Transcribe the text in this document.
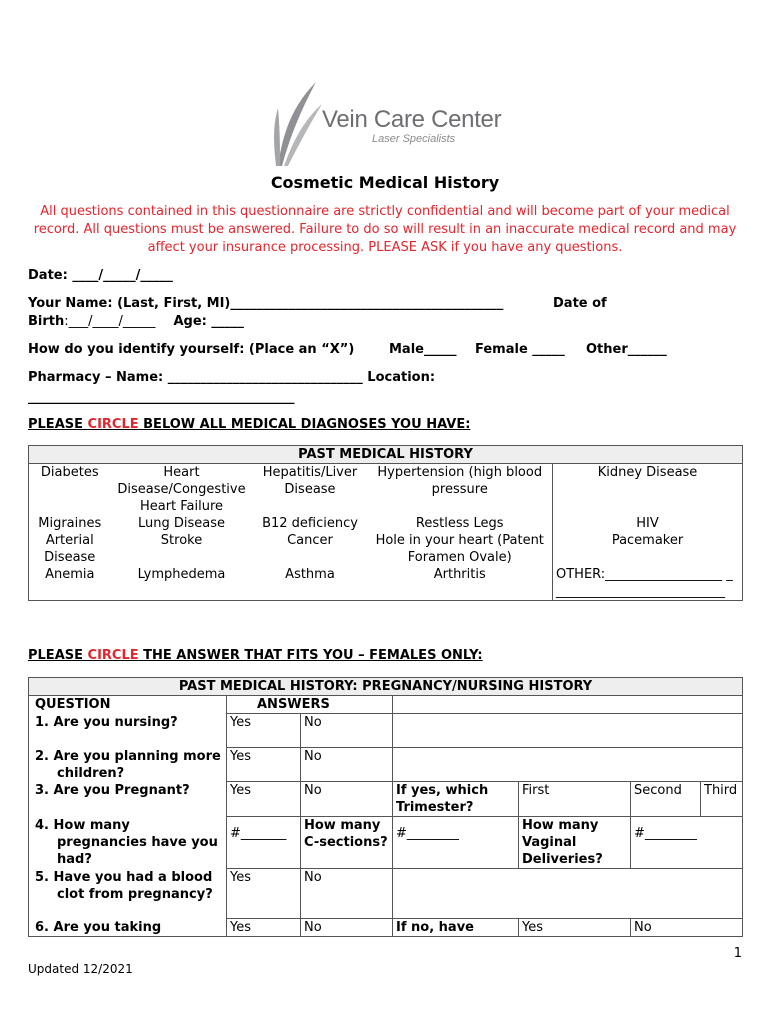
Vein Care Center
Laser Specialists
Cosmetic Medical History
All questions contained in this questionnaire are strictly confidential and will become part of your medical record. All questions must be answered. Failure to do so will result in an inaccurate medical record and may affect your insurance processing. PLEASE ASK if you have any questions.
Date: ____/_____/_____
Your Name: (Last, First, MI)__________________________________________	Date of
Birth:___/____/_____ Age: _____
How do you identify yourself: (Place an “X”)	Male_____ Female _____ Other______
Pharmacy – Name: ______________________________ Location:
_________________________________________
PLEASE CIRCLE BELOW ALL MEDICAL DIAGNOSES YOU HAVE:
PAST MEDICAL HISTORY				
Diabetes	Heart Disease/Congestive Heart Failure	Hepatitis/Liver Disease	Hypertension (high blood pressure	Kidney Disease
Migraines	Lung Disease	B12 deficiency	Restless Legs	HIV
Arterial Disease	Stroke	Cancer	Hole in your heart (Patent Foramen Ovale)	Pacemaker
Anemia	Lymphedema	Asthma	Arthritis	OTHER:__________________ ___________________________
PLEASE CIRCLE THE ANSWER THAT FITS YOU – FEMALES ONLY:
PAST MEDICAL HISTORY: PREGNANCY/NURSING HISTORY						
QUESTION	ANSWERS					
1. Are you nursing?	Yes	No				
2. Are you planning more children?	Yes	No				
3. Are you Pregnant?	Yes	No	If yes, which Trimester?	First	Second	Third
4. How many pregnancies have you had?	#_______	How many C-sections?	#________	How many Vaginal Deliveries?	#________	
5. Have you had a blood clot from pregnancy?	Yes	No				
6. Are you taking	Yes	No	If no, have	Yes	No	
1
Updated 12/2021
